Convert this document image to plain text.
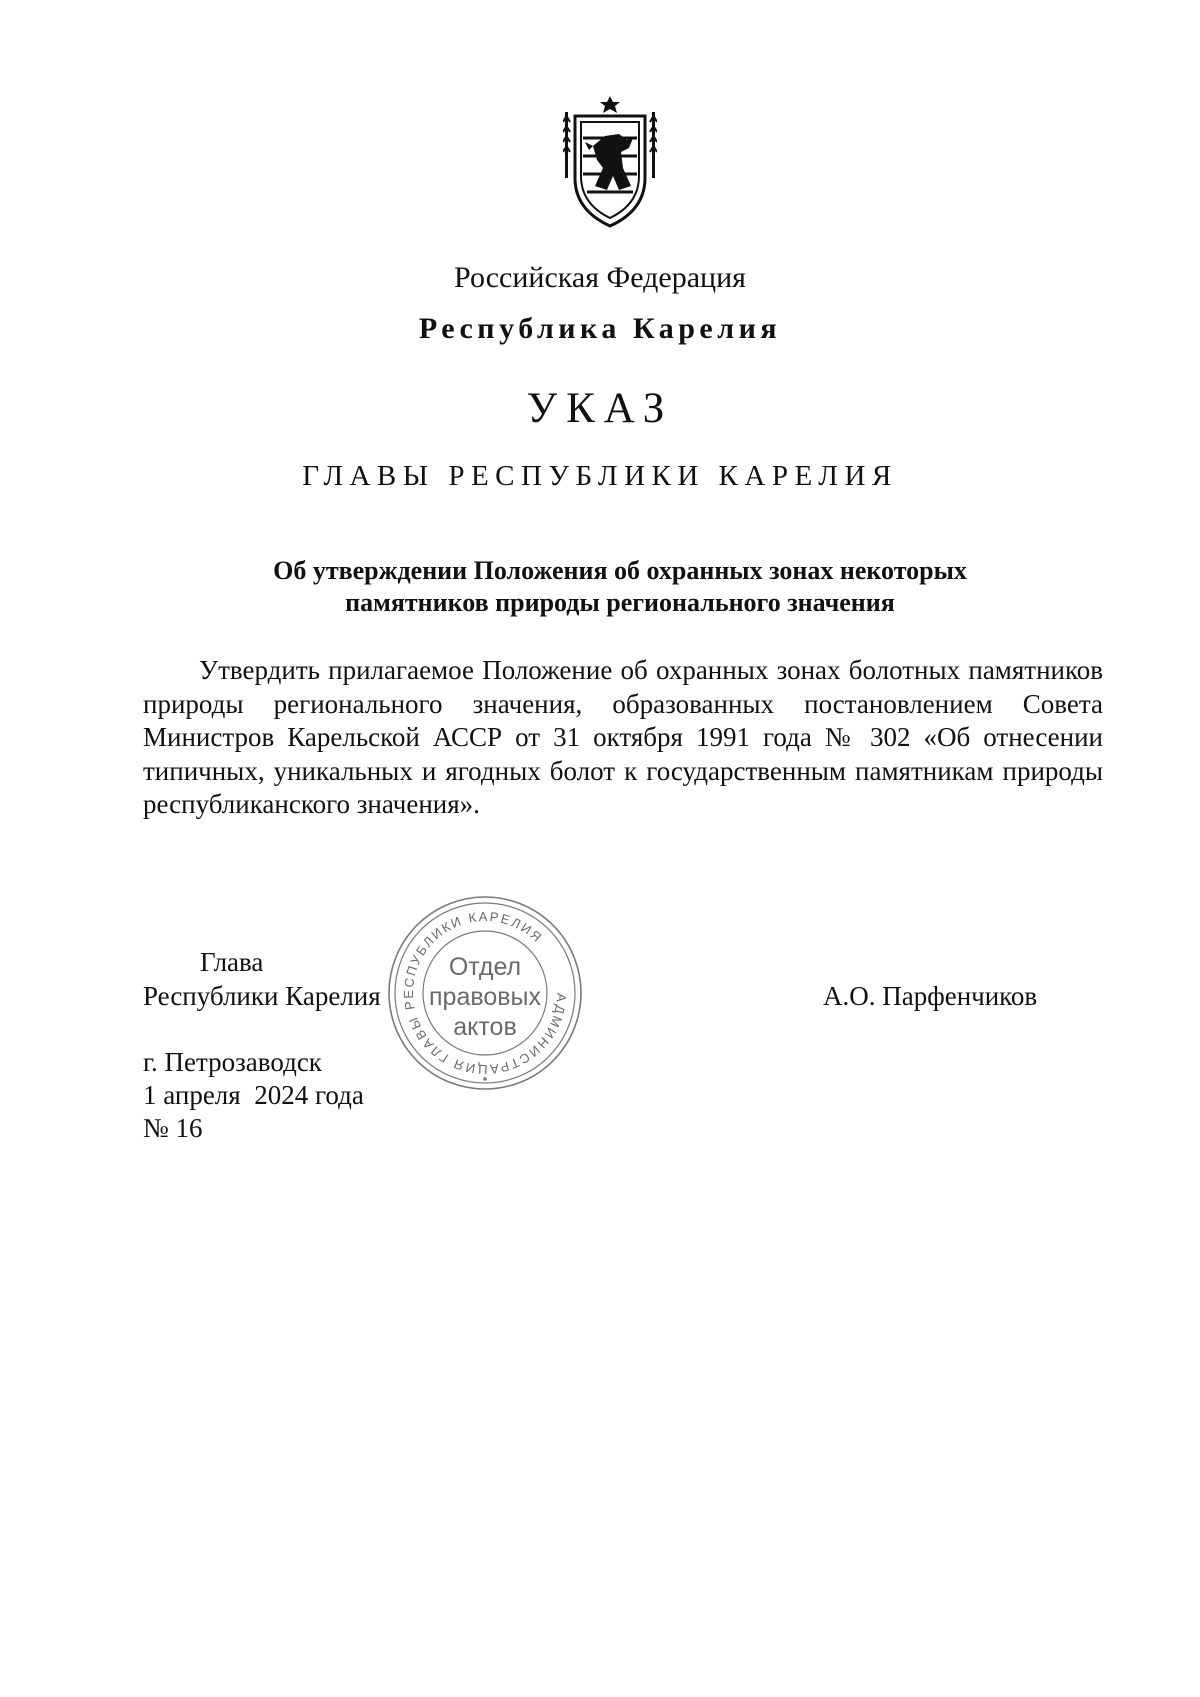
Российская Федерация
Республика Карелия
УКАЗ
ГЛАВЫ РЕСПУБЛИКИ КАРЕЛИЯ
Об утверждении Положения об охранных зонах некоторых
памятников природы регионального значения

Утвердить прилагаемое Положение об охранных зонах болотных памятников природы регионального значения, образованных постановлением Совета Министров Карельской АССР от 31 октября 1991 года № 302 «Об отнесении типичных, уникальных и ягодных болот к государственным памятникам природы республиканского значения».

Глава
Республики Карелия	А.О. Парфенчиков
г. Петрозаводск
1 апреля  2024 года
№ 16
АДМИНИСТРАЦИЯ ГЛАВЫ РЕСПУБЛИКИ КАРЕЛИЯ
Отдел
правовых
актов
